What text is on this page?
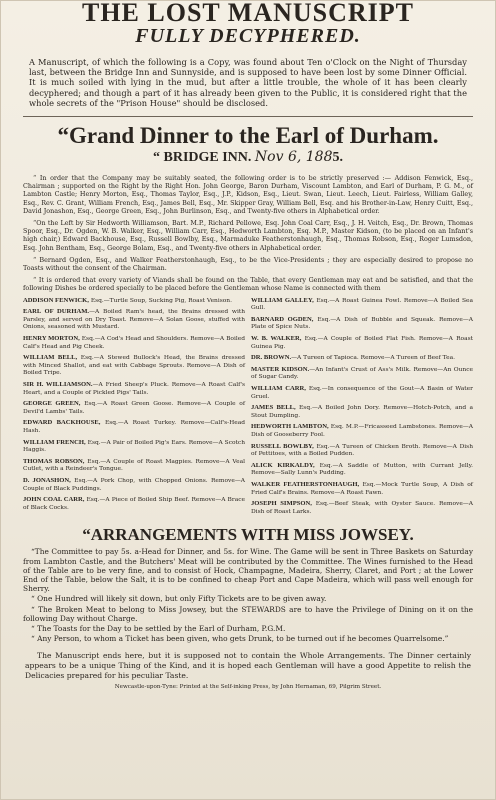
THE LOST MANUSCRIPT
FULLY DECYPHERED.

A Manuscript, of which the following is a Copy, was found about Ten o'Clock on the Night of Thursday last, between the Bridge Inn and Sunnyside, and is supposed to have been lost by some Dinner Official. It is much soiled with lying in the mud, but after a little trouble, the whole of it has been clearly decyphered; and though a part of it has already been given to the Public, it is considered right that the whole secrets of the "Prison House" should be disclosed.

“Grand Dinner to the Earl of Durham.
“ BRIDGE INN. Nov 6, 1885.

“ In order that the Company may be suitably seated, the following order is to be strictly preserved :— Addison Fenwick, Esq., Chairman ; supported on the Right by the Right Hon. John George, Baron Durham, Viscount Lambton, and Earl of Durham, P. G. M., of Lambton Castle; Henry Morton, Esq., Thomas Taylor, Esq., J.P., Kidson, Esq., Lieut. Swan, Lieut. Leech, Lieut. Fairless, William Galley, Esq., Rev. C. Grant, William French, Esq., James Bell, Esq., Mr. Skipper Gray, William Bell, Esq. and his Brother-in-Law, Henry Cuitt, Esq., David Jonashon, Esq., George Green, Esq., John Burlinson, Esq., and Twenty-five others in Alphabetical order.

“On the Left by Sir Hedworth Williamson, Bart. M.P., Richard Pellowe, Esq. John Coal Carr, Esq., J. H. Veitch, Esq., Dr. Brown, Thomas Spoor, Esq., Dr. Ogden, W. B. Walker, Esq., William Carr, Esq., Hedworth Lambton, Esq. M.P., Master Kidson, (to be placed on an Infant's high chair,) Edward Backhouse, Esq., Russell Bowlby, Esq., Marmaduke Featherstonhaugh, Esq., Thomas Robson, Esq., Roger Lumsdon, Esq. John Bentham, Esq., George Bolam, Esq., and Twenty-five others in Alphabetical order.

“ Bernard Ogden, Esq., and Walker Featherstonhaugh, Esq., to be the Vice-Presidents ; they are especially desired to propose no Toasts without the consent of the Chairman.

“ It is ordered that every variety of Viands shall be found on the Table, that every Gentleman may eat and be satisfied, and that the following Dishes be ordered specially to be placed before the Gentleman whose Name is connected with them

ADDISON FENWICK, Esq.—Turtle Soup, Sucking Pig, Roast Venison.

EARL OF DURHAM.—A Boiled Ram's head, the Brains dressed with Parsley, and served on Dry Toast. Remove—A Solan Goose, stuffed with Onions, seasoned with Mustard.

HENRY MORTON, Esq.—A Cod's Head and Shoulders. Remove—A Boiled Calf's Head and Pig Cheek.

WILLIAM BELL, Esq.—A Stewed Bullock's Head, the Brains dressed with Minced Shallot, and eat with Cabbage Sprouts. Remove—A Dish of Boiled Tripe.

SIR H. WILLIAMSON.—A Fried Sheep's Pluck. Remove—A Roast Calf's Heart, and a Couple of Pickled Pigs' Tails.

GEORGE GREEN, Esq.—A Roast Green Goose. Remove—A Couple of Devil'd Lambs' Tails.

EDWARD BACKHOUSE, Esq.—A Roast Turkey. Remove—Calf's-Head Hash.

WILLIAM FRENCH, Esq.—A Pair of Boiled Pig's Ears. Remove—A Scotch Haggis.

THOMAS ROBSON, Esq.—A Couple of Roast Magpies. Remove—A Veal Cutlet, with a Reindeer's Tongue.

D. JONASHON, Esq.—A Pork Chop, with Chopped Onions. Remove—A Couple of Black Puddings.

JOHN COAL CARR, Esq.—A Piece of Boiled Ship Beef. Remove—A Brace of Black Cocks.

WILLIAM GALLEY, Esq.—A Roast Guinea Fowl. Remove—A Boiled Sea Gull.

BARNARD OGDEN, Esq.—A Dish of Bubble and Squeak. Remove—A Plate of Spice Nuts.

W. B. WALKER, Esq.—A Couple of Boiled Flat Fish. Remove—A Roast Guinea Pig.

DR. BROWN.—A Tureen of Tapioca. Remove—A Tureen of Beef Tea.

MASTER KIDSON.—An Infant's Crust of Ass's Milk. Remove—An Ounce of Sugar Candy.

WILLIAM CARR, Esq.—In consequence of the Gout—A Basin of Water Gruel.

JAMES BELL, Esq.—A Boiled John Dory. Remove—Hotch-Potch, and a Stout Dumpling.

HEDWORTH LAMBTON, Esq. M.P.—Fricasseed Lambstones. Remove—A Dish of Gooseberry Fool.

RUSSELL BOWLBY, Esq.—A Tureen of Chicken Broth. Remove—A Dish of Pettitoes, with a Boiled Pudden.

ALICK KIRKALDY, Esq.—A Saddle of Mutton, with Currant Jelly. Remove—Sally Lunn's Pudding.

WALKER FEATHERSTONHAUGH, Esq.—Mock Turtle Soup, A Dish of Fried Calf's Brains. Remove—A Roast Fawn.

JOSEPH SIMPSON, Esq.—Beef Steak, with Oyster Sauce. Remove—A Dish of Roast Larks.

“ARRANGEMENTS WITH MISS JOWSEY.

“The Committee to pay 5s. a-Head for Dinner, and 5s. for Wine. The Game will be sent in Three Baskets on Saturday from Lambton Castle, and the Butchers' Meat will be contributed by the Committee. The Wines furnished to the Head of the Table are to be very fine, and to consist of Hock, Champagne, Madeira, Sherry, Claret, and Port ; at the Lower End of the Table, below the Salt, it is to be confined to cheap Port and Cape Madeira, which will pass well enough for Sherry.

“ One Hundred will likely sit down, but only Fifty Tickets are to be given away.

“ The Broken Meat to belong to Miss Jowsey, but the STEWARDS are to have the Privilege of Dining on it on the following Day without Charge.

“ The Toasts for the Day to be settled by the Earl of Durham, P.G.M.

“ Any Person, to whom a Ticket has been given, who gets Drunk, to be turned out if he becomes Quarrelsome.”

The Manuscript ends here, but it is supposed not to contain the Whole Arrangements. The Dinner certainly appears to be a unique Thing of the Kind, and it is hoped each Gentleman will have a good Appetite to relish the Delicacies prepared for his peculiar Taste.

Newcastle-upon-Tyne: Printed at the Self-inking Press, by John Hernaman, 69, Pilgrim Street.
